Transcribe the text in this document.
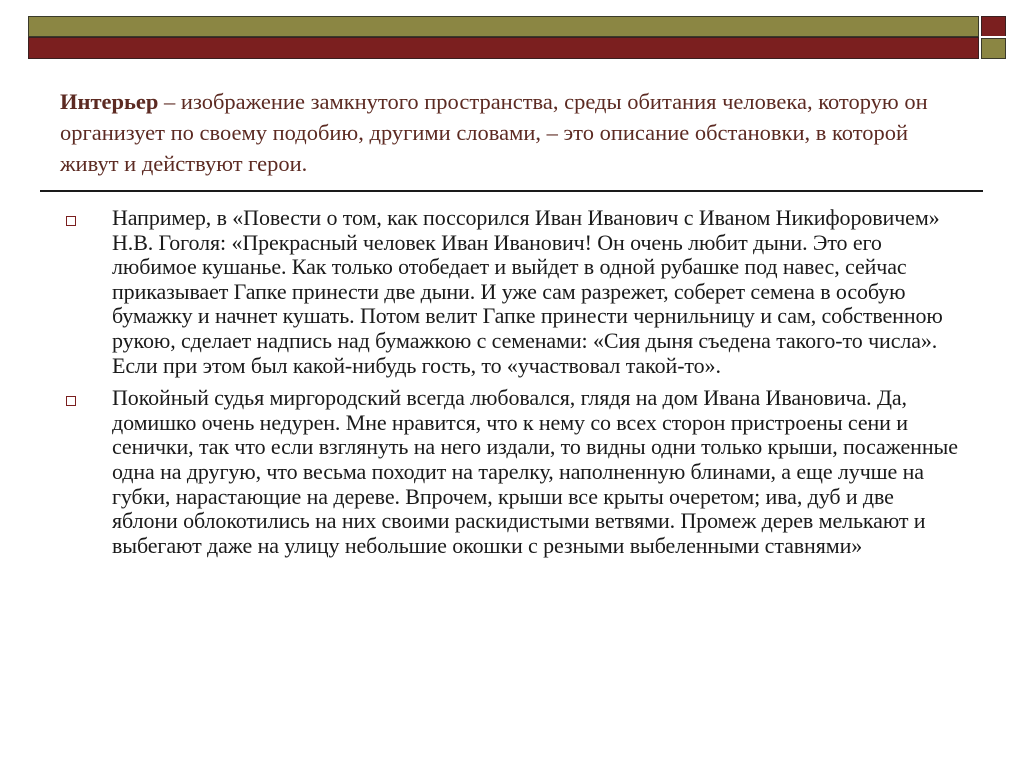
Интерьер – изображение замкнутого пространства, среды обитания человека, которую он организует по своему подобию, другими словами, – это описание обстановки, в которой живут и действуют герои.
Например, в «Повести о том, как поссорился Иван Иванович с Иваном Никифоровичем» Н.В. Гоголя: «Прекрасный человек Иван Иванович! Он очень любит дыни. Это его любимое кушанье. Как только отобедает и выйдет в одной рубашке под навес, сейчас приказывает Гапке принести две дыни. И уже сам разрежет, соберет семена в особую бумажку и начнет кушать. Потом велит Гапке принести чернильницу и сам, собственною рукою, сделает надпись над бумажкою с семенами: «Сия дыня съедена такого-то числа». Если при этом был какой-нибудь гость, то «участвовал такой-то».
Покойный судья миргородский всегда любовался, глядя на дом Ивана Ивановича. Да, домишко очень недурен. Мне нравится, что к нему со всех сторон пристроены сени и сенички, так что если взглянуть на него издали, то видны одни только крыши, посаженные одна на другую, что весьма походит на тарелку, наполненную блинами, а еще лучше на губки, нарастающие на дереве. Впрочем, крыши все крыты очеретом; ива, дуб и две яблони облокотились на них своими раскидистыми ветвями. Промеж дерев мелькают и выбегают даже на улицу небольшие окошки с резными выбеленными ставнями»
